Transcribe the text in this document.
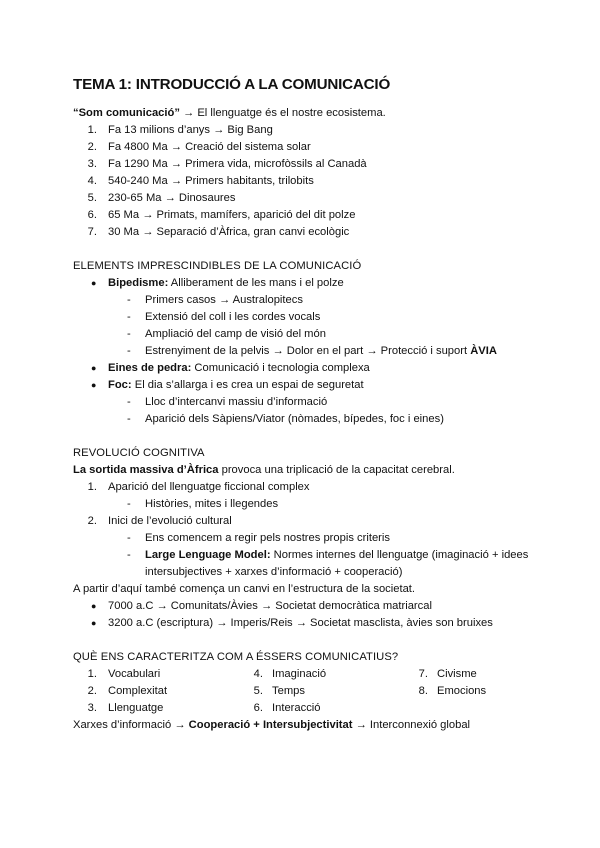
TEMA 1: INTRODUCCIÓ A LA COMUNICACIÓ
“Som comunicació” → El llenguatge és el nostre ecosistema.
1. Fa 13 milions d’anys → Big Bang
2. Fa 4800 Ma → Creació del sistema solar
3. Fa 1290 Ma → Primera vida, microfòssils al Canadà
4. 540-240 Ma → Primers habitants, trilobits
5. 230-65 Ma → Dinosaures
6. 65 Ma → Primats, mamífers, aparició del dit polze
7. 30 Ma → Separació d’Àfrica, gran canvi ecològic
ELEMENTS IMPRESCINDIBLES DE LA COMUNICACIÓ
● Bipedisme: Alliberament de les mans i el polze
- Primers casos → Australopitecs
- Extensió del coll i les cordes vocals
- Ampliació del camp de visió del món
- Estrenyiment de la pelvis → Dolor en el part → Protecció i suport ÀVIA
● Eines de pedra: Comunicació i tecnologia complexa
● Foc: El dia s’allarga i es crea un espai de seguretat
- Lloc d’intercanvi massiu d’informació
- Aparició dels Sàpiens/Viator (nòmades, bípedes, foc i eines)
REVOLUCIÓ COGNITIVA
La sortida massiva d’Àfrica provoca una triplicació de la capacitat cerebral.
1. Aparició del llenguatge ficcional complex
- Històries, mites i llegendes
2. Inici de l’evolució cultural
- Ens comencem a regir pels nostres propis criteris
- Large Lenguage Model: Normes internes del llenguatge (imaginació + idees
intersubjectives + xarxes d’informació + cooperació)
A partir d’aquí també comença un canvi en l’estructura de la societat.
● 7000 a.C → Comunitats/Àvies → Societat democràtica matriarcal
● 3200 a.C (escriptura) → Imperis/Reis → Societat masclista, àvies son bruixes
QUÈ ENS CARACTERITZA COM A ÉSSERS COMUNICATIUS?
1. Vocabulari
2. Complexitat
3. Llenguatge
4. Imaginació
5. Temps
6. Interacció
7. Civisme
8. Emocions
Xarxes d’informació → Cooperació + Intersubjectivitat → Interconnexió global
